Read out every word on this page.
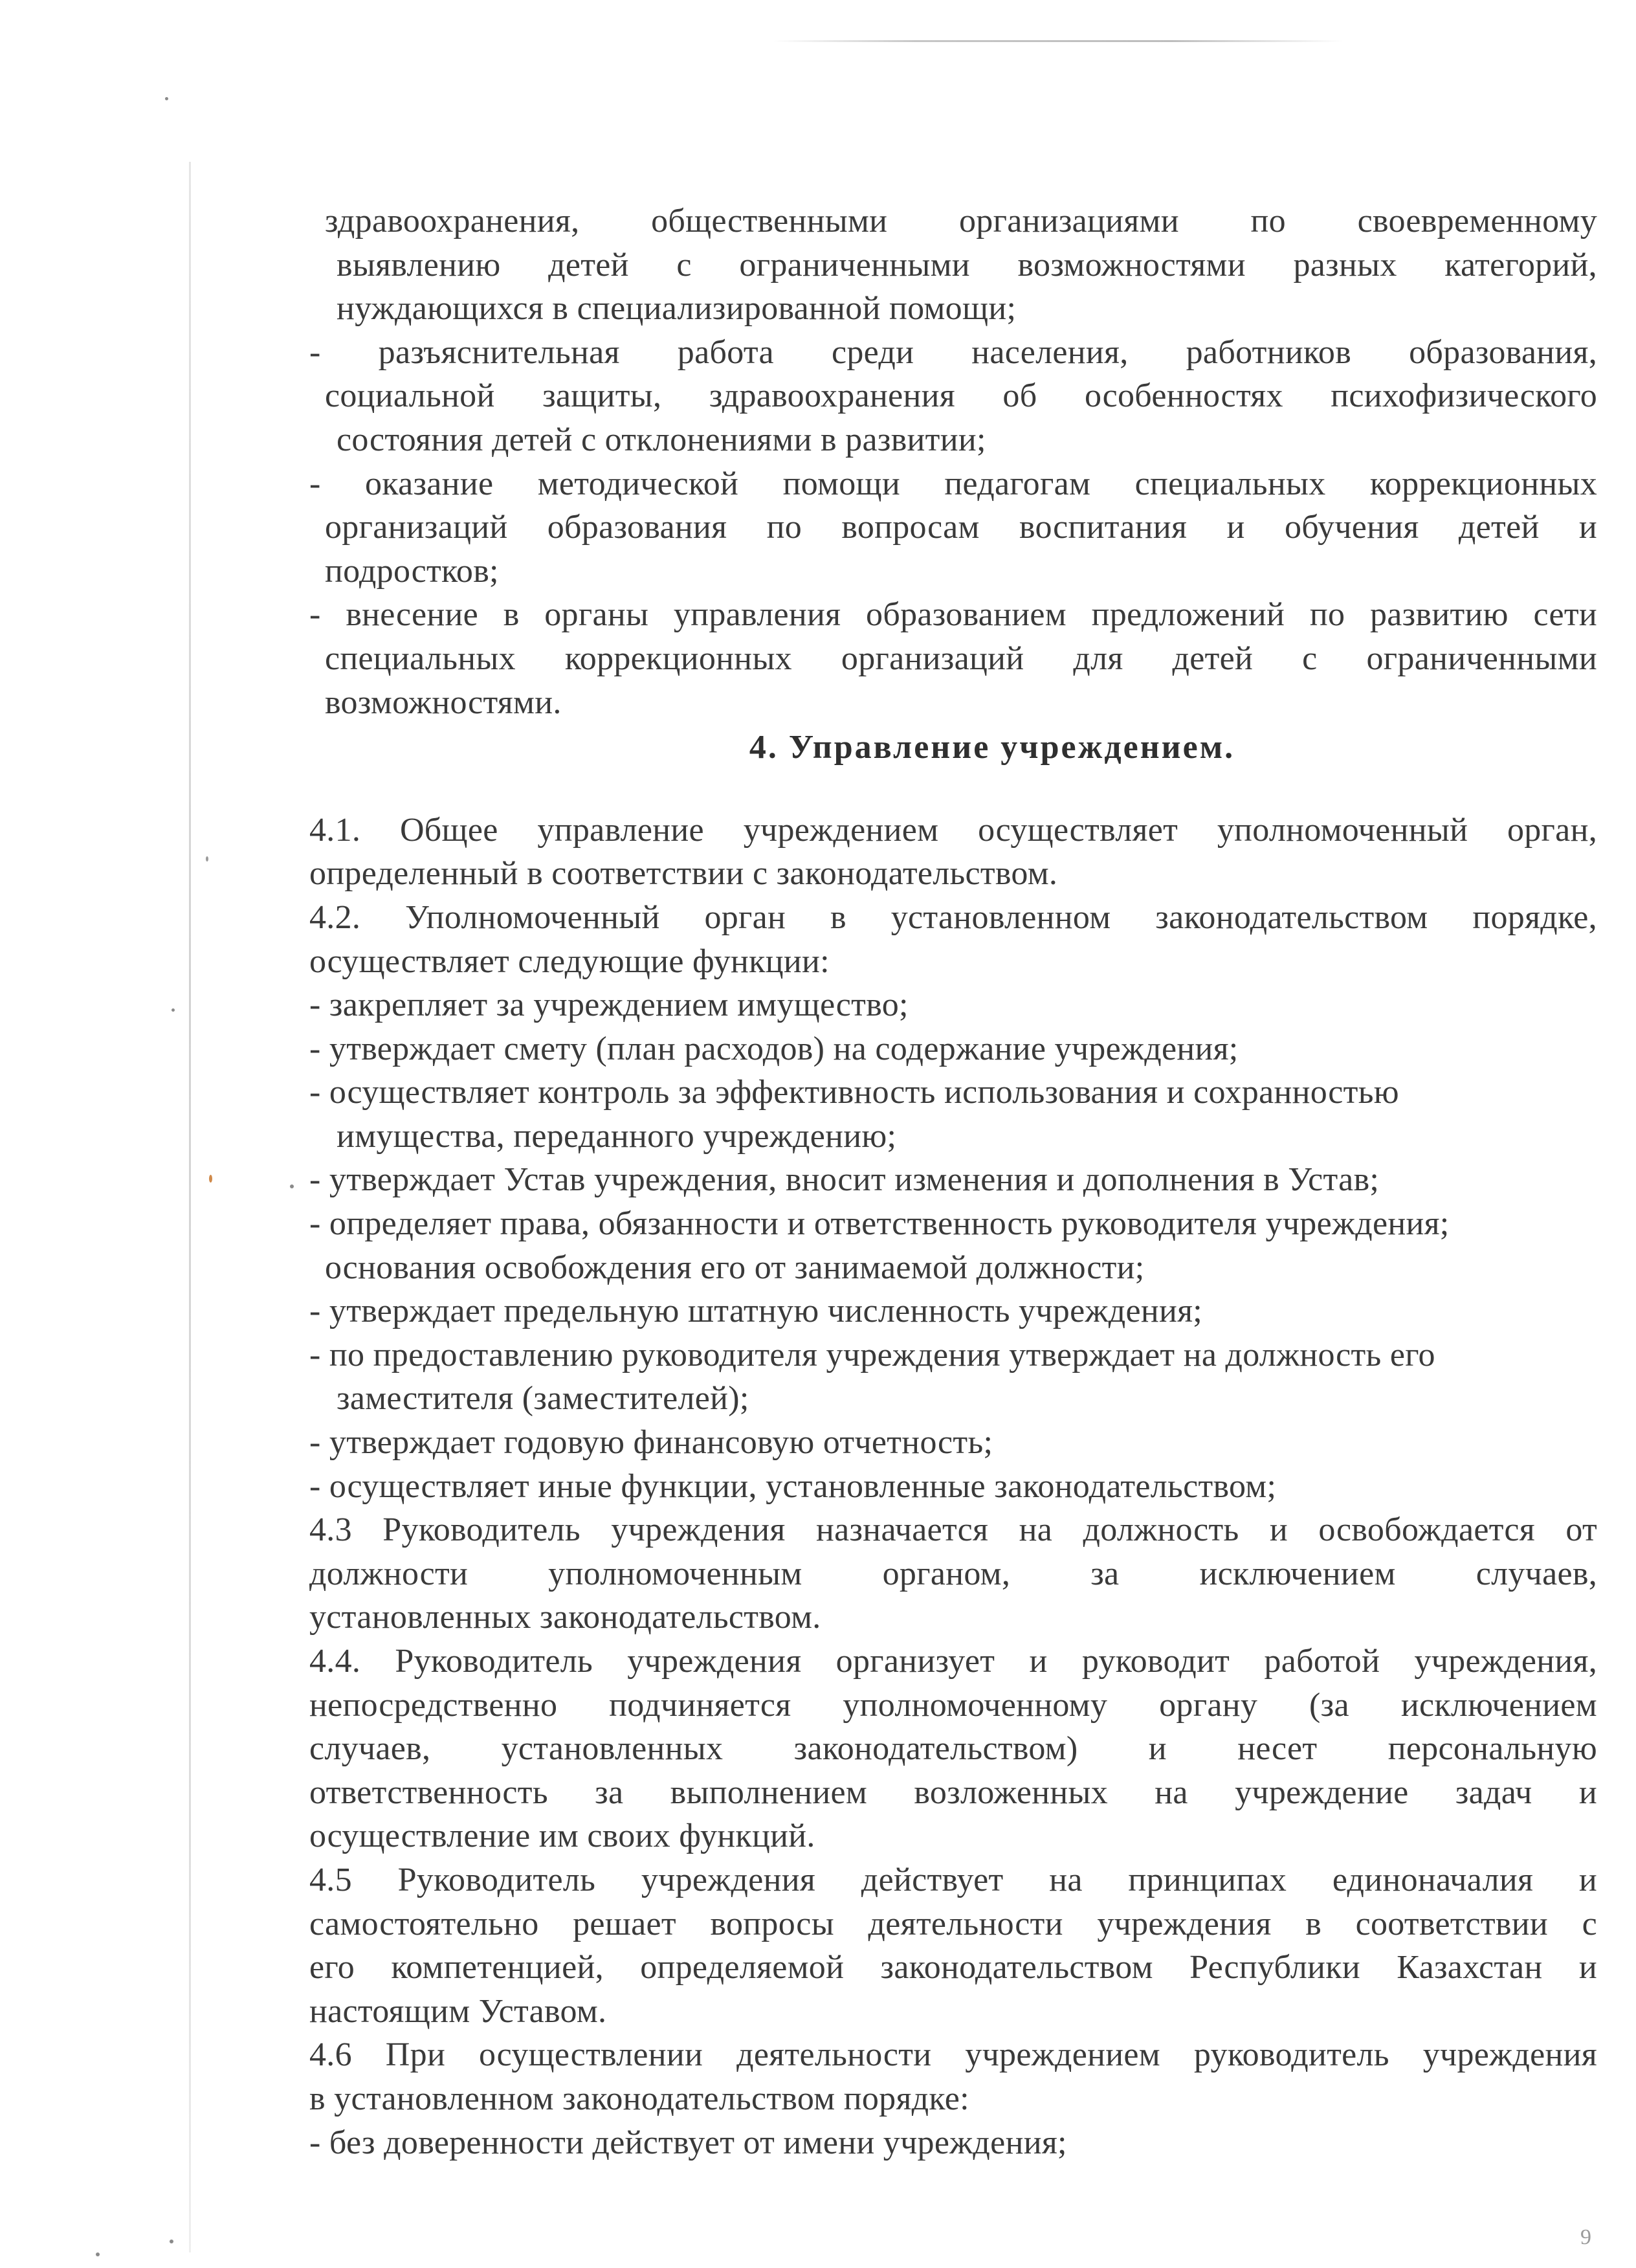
здравоохранения, общественными организациями по своевременному
выявлению детей с ограниченными возможностями разных категорий,
нуждающихся в специализированной помощи;
- разъяснительная работа среди населения, работников образования,
социальной защиты, здравоохранения об особенностях психофизического
состояния детей с отклонениями в развитии;
- оказание методической помощи педагогам специальных коррекционных
организаций образования по вопросам воспитания и обучения детей и
подростков;
- внесение в органы управления образованием предложений по развитию сети
специальных коррекционных организаций для детей с ограниченными
возможностями.
4. Управление учреждением.
4.1. Общее управление учреждением осуществляет уполномоченный орган,
определенный в соответствии с законодательством.
4.2. Уполномоченный орган в установленном законодательством порядке,
осуществляет следующие функции:
- закрепляет за учреждением имущество;
- утверждает смету (план расходов) на содержание учреждения;
- осуществляет контроль за эффективность использования и сохранностью
имущества, переданного учреждению;
- утверждает Устав учреждения, вносит изменения и дополнения в Устав;
- определяет права, обязанности и ответственность руководителя учреждения;
основания освобождения его от занимаемой должности;
- утверждает предельную штатную численность учреждения;
- по предоставлению руководителя учреждения утверждает на должность его
заместителя (заместителей);
- утверждает годовую финансовую отчетность;
- осуществляет иные функции, установленные законодательством;
4.3 Руководитель учреждения назначается на должность и освобождается от
должности уполномоченным органом, за исключением случаев,
установленных законодательством.
4.4. Руководитель учреждения организует и руководит работой учреждения,
непосредственно подчиняется уполномоченному органу (за исключением
случаев, установленных законодательством) и несет персональную
ответственность за выполнением возложенных на учреждение задач и
осуществление им своих функций.
4.5 Руководитель учреждения действует на принципах единоначалия и
самостоятельно решает вопросы деятельности учреждения в соответствии с
его компетенцией, определяемой законодательством Республики Казахстан и
настоящим Уставом.
4.6 При осуществлении деятельности учреждением руководитель учреждения
в установленном законодательством порядке:
- без доверенности действует от имени учреждения;
9
